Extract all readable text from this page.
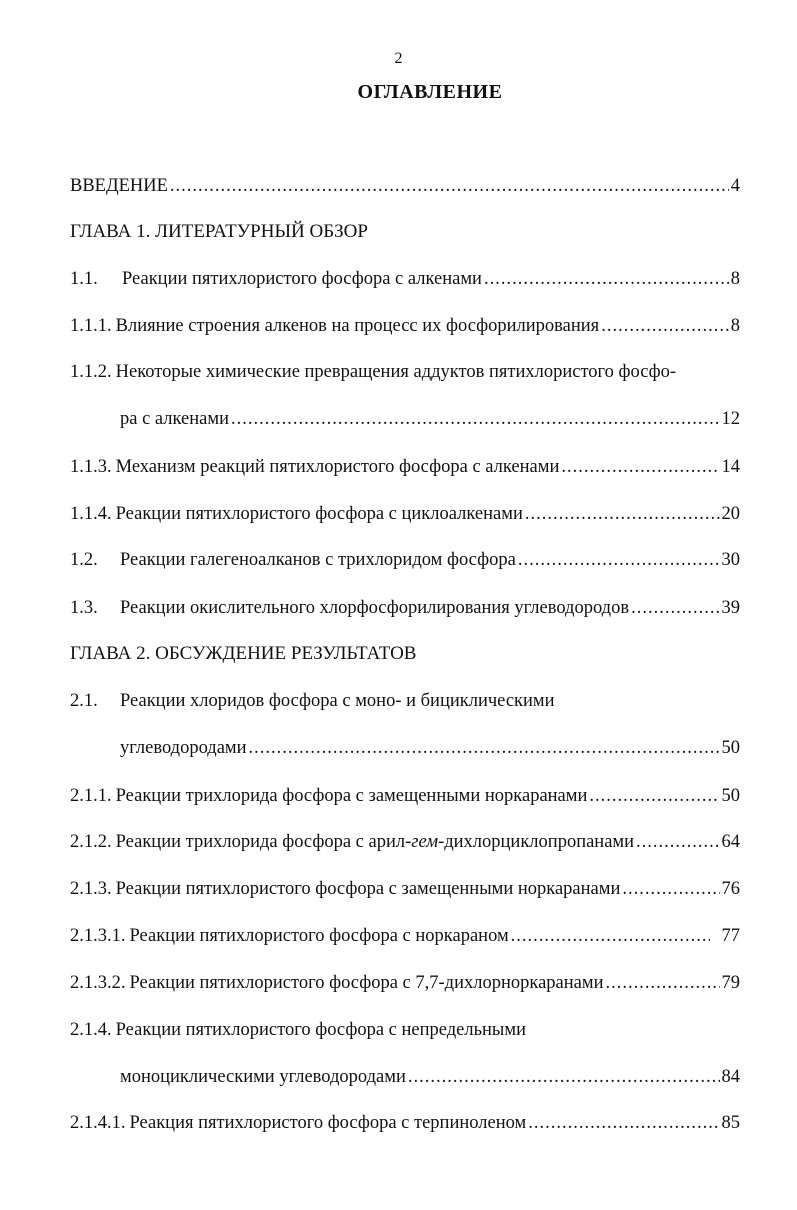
2
ОГЛАВЛЕНИЕ
ВВЕДЕНИЕ .....	4
ГЛАВА 1. ЛИТЕРАТУРНЫЙ ОБЗОР
1.1.	Реакции пятихлористого фосфора с алкенами .....	8
1.1.1. Влияние строения алкенов на процесс их фосфорилирования .....	8
1.1.2. Некоторые химические превращения аддуктов пятихлористого фосфо-
ра с алкенами .....	12
1.1.3. Механизм реакций пятихлористого фосфора с алкенами .....	14
1.1.4. Реакции пятихлористого фосфора с циклоалкенами .....	20
1.2.	Реакции галегеноалканов с трихлоридом фосфора .....	30
1.3.	Реакции окислительного хлорфосфорилирования углеводородов .....	39
ГЛАВА 2. ОБСУЖДЕНИЕ РЕЗУЛЬТАТОВ
2.1.	Реакции хлоридов фосфора с моно- и бициклическими
углеводородами .....	50
2.1.1. Реакции трихлорида фосфора с замещенными норкаранами .....	50
2.1.2. Реакции трихлорида фосфора с арил-гем-дихлорциклопропанами .....	64
2.1.3. Реакции пятихлористого фосфора с замещенными норкаранами .....	76
2.1.3.1. Реакции пятихлористого фосфора с норкараном .....	77
2.1.3.2. Реакции пятихлористого фосфора с 7,7-дихлорноркаранами .....	79
2.1.4. Реакции пятихлористого фосфора с непредельными
моноциклическими углеводородами .....	84
2.1.4.1. Реакция пятихлористого фосфора с терпиноленом .....	85
